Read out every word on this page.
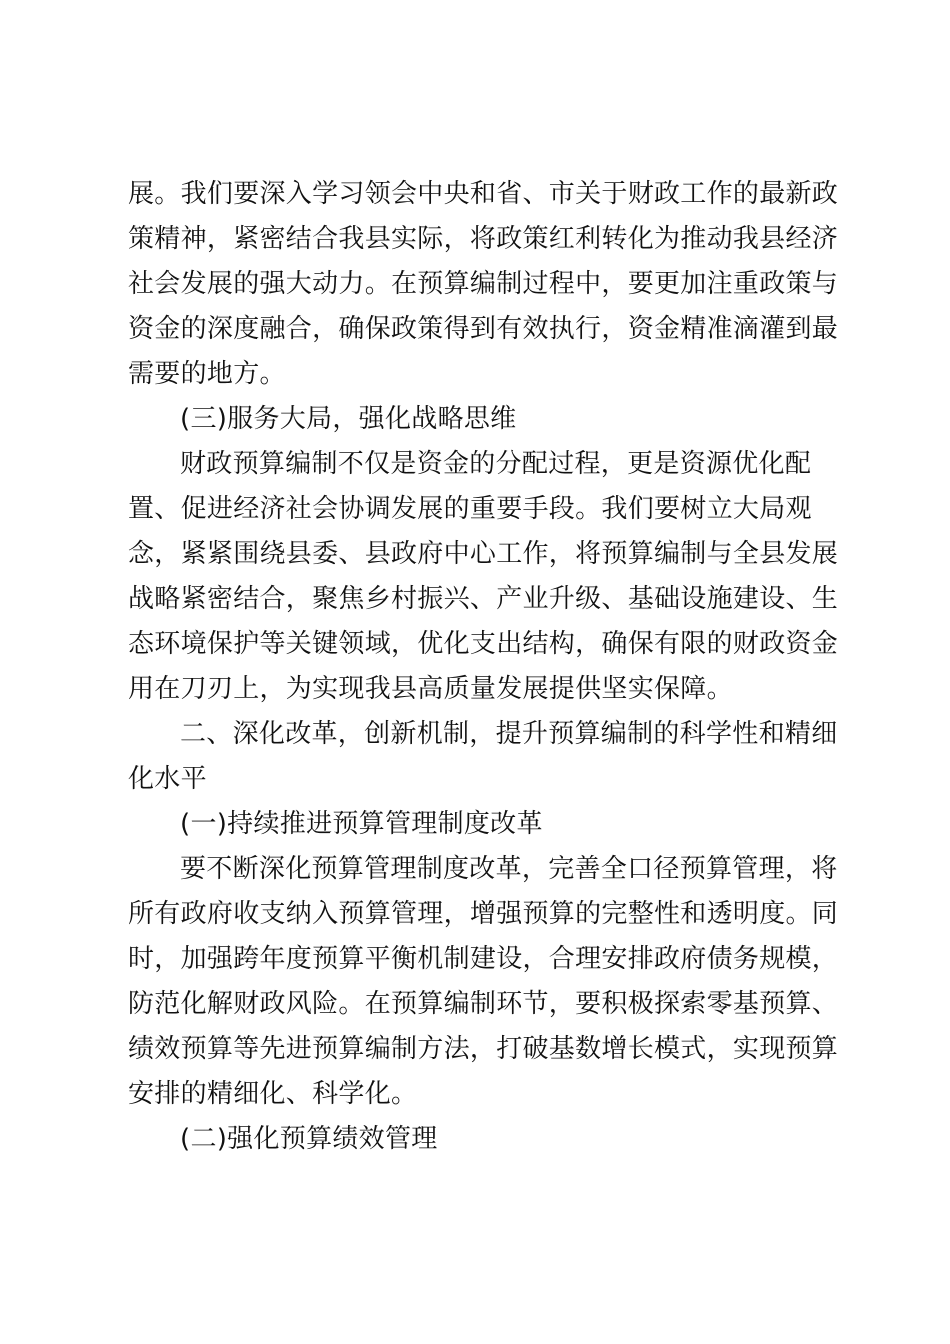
展。我们要深入学习领会中央和省、市关于财政工作的最新政
策精神，紧密结合我县实际，将政策红利转化为推动我县经济
社会发展的强大动力。在预算编制过程中，要更加注重政策与
资金的深度融合，确保政策得到有效执行，资金精准滴灌到最
需要的地方。
(三)服务大局，强化战略思维
财政预算编制不仅是资金的分配过程，更是资源优化配
置、促进经济社会协调发展的重要手段。我们要树立大局观
念，紧紧围绕县委、县政府中心工作，将预算编制与全县发展
战略紧密结合，聚焦乡村振兴、产业升级、基础设施建设、生
态环境保护等关键领域，优化支出结构，确保有限的财政资金
用在刀刃上，为实现我县高质量发展提供坚实保障。
二、深化改革，创新机制，提升预算编制的科学性和精细
化水平
(一)持续推进预算管理制度改革
要不断深化预算管理制度改革，完善全口径预算管理，将
所有政府收支纳入预算管理，增强预算的完整性和透明度。同
时，加强跨年度预算平衡机制建设，合理安排政府债务规模，
防范化解财政风险。在预算编制环节，要积极探索零基预算、
绩效预算等先进预算编制方法，打破基数增长模式，实现预算
安排的精细化、科学化。
(二)强化预算绩效管理
